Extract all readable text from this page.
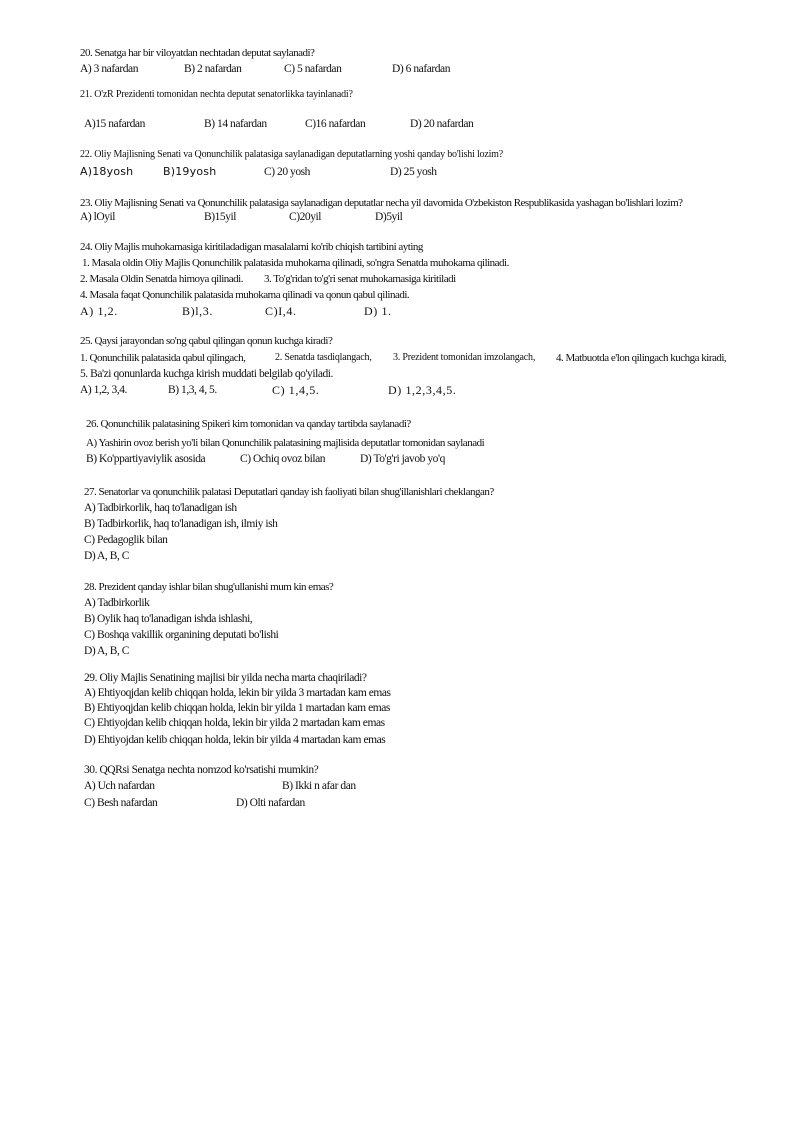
20. Senatga har bir viloyatdan nechtadan deputat saylanadi?
A) 3 nafardan	B) 2 nafardan	C) 5 nafardan	D) 6 nafardan
21. O'zR Prezidenti tomonidan nechta deputat senatorlikka tayinlanadi?
A)15 nafardan	B) 14 nafardan	C)16 nafardan	D) 20 nafardan
22. Oliy Majlisning Senati va Qonunchilik palatasiga saylanadigan deputatlarning yoshi qanday bo'lishi lozim?
A)18yosh	B)19yosh	C) 20 yosh	D) 25 yosh
23. Oliy Majlisning Senati va Qonunchilik palatasiga saylanadigan deputatlar necha yil davomida O'zbekiston Respublikasida yashagan bo'lishlari lozim?
A) lOyil	B)15yil	C)20yil	D)5yil
24. Oliy Majlis muhokamasiga kiritiladadigan masalalarni ko'rib chiqish tartibini ayting
1. Masala oldin Oliy Majlis Qonunchilik palatasida muhokama qilinadi, so'ngra Senatda muhokama qilinadi.
2. Masala Oldin Senatda himoya qilinadi. 3. To'g'ridan to'g'ri senat muhokamasiga kiritiladi
4. Masala faqat Qonunchilik palatasida muhokama qilinadi va qonun qabul qilinadi.
A) 1,2.	B)l,3.	C)I,4.	D) 1.
25. Qaysi jarayondan so'ng qabul qilingan qonun kuchga kiradi?
1. Qonunchilik palatasida qabul qilingach,	2. Senatda tasdiqlangach, 3. Prezident tomonidan imzolangach, 4. Matbuotda e'lon qilingach kuchga kiradi,
5. Ba'zi qonunlarda kuchga kirish muddati belgilab qo'yiladi.
A) 1,2, 3,4.	B) 1,3, 4, 5.	C) 1,4,5.	D) 1,2,3,4,5.
26. Qonunchilik palatasining Spikeri kim tomonidan va qanday tartibda saylanadi?
A) Yashirin ovoz berish yo'li bilan Qonunchilik palatasining majlisida deputatlar tomonidan saylanadi
B) Ko'ppartiyaviylik asosida	C) Ochiq ovoz bilan	D) To'g'ri javob yo'q
27. Senatorlar va qonunchilik palatasi Deputatlari qanday ish faoliyati bilan shug'illanishlari cheklangan?
A) Tadbirkorlik, haq to'lanadigan ish
B) Tadbirkorlik, haq to'lanadigan ish, ilmiy ish
C) Pedagoglik bilan
D) A, B, C
28. Prezident qanday ishlar bilan shug'ullanishi mum kin emas?
A) Tadbirkorlik
B) Oylik haq to'lanadigan ishda ishlashi,
C) Boshqa vakillik organining deputati bo'lishi
D) A, B, C
29. Oliy Majlis Senatining majlisi bir yilda necha marta chaqiriladi?
A) Ehtiyoqjdan kelib chiqqan holda, lekin bir yilda 3 martadan kam emas
B) Ehtiyoqjdan kelib chiqqan holda, lekin bir yilda 1 martadan kam emas
C) Ehtiyojdan kelib chiqqan holda, lekin bir yilda 2 martadan kam emas
D) Ehtiyojdan kelib chiqqan holda, lekin bir yilda 4 martadan kam emas
30. QQRsi Senatga nechta nomzod ko'rsatishi mumkin?
A) Uch nafardan	B) Ikki n afar dan
C) Besh nafardan	D) Olti nafardan
